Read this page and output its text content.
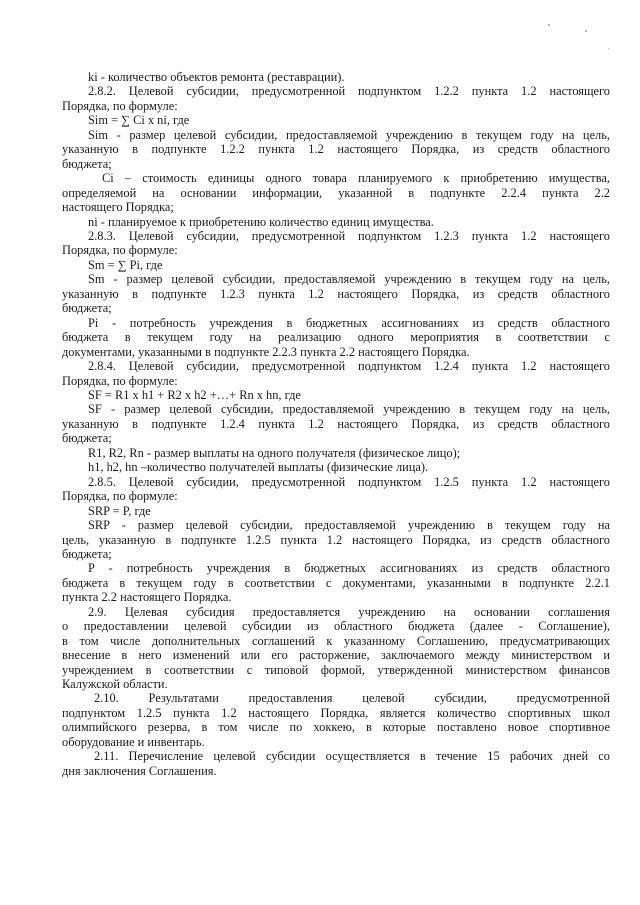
ki - количество объектов ремонта (реставрации).

2.8.2. Целевой субсидии, предусмотренной подпунктом 1.2.2 пункта 1.2 настоящего

Порядка, по формуле:

Sim = ∑ Ci x ni, где

Sim - размер целевой субсидии, предоставляемой учреждению в текущем году на цель,

указанную в подпункте 1.2.2 пункта 1.2 настоящего Порядка, из средств областного

бюджета;

Ci – стоимость единицы одного товара планируемого к приобретению имущества,

определяемой на основании информации, указанной в подпункте 2.2.4 пункта 2.2

настоящего Порядка;

ni - планируемое к приобретению количество единиц имущества.

2.8.3. Целевой субсидии, предусмотренной подпунктом 1.2.3 пункта 1.2 настоящего

Порядка, по формуле:

Sm = ∑ Pi, где

Sm - размер целевой субсидии, предоставляемой учреждению в текущем году на цель,

указанную в подпункте 1.2.3 пункта 1.2 настоящего Порядка, из средств областного

бюджета;

Pi - потребность учреждения в бюджетных ассигнованиях из средств областного

бюджета в текущем году на реализацию одного мероприятия в соответствии с

документами, указанными в подпункте 2.2.3 пункта 2.2 настоящего Порядка.

2.8.4. Целевой субсидии, предусмотренной подпунктом 1.2.4 пункта 1.2 настоящего

Порядка, по формуле:

SF = R1 x h1 + R2 x h2 +…+ Rn x hn, где

SF - размер целевой субсидии, предоставляемой учреждению в текущем году на цель,

указанную в подпункте 1.2.4 пункта 1.2 настоящего Порядка, из средств областного

бюджета;

R1, R2, Rn - размер выплаты на одного получателя (физическое лицо);

h1, h2, hn –количество получателей выплаты (физические лица).

2.8.5. Целевой субсидии, предусмотренной подпунктом 1.2.5 пункта 1.2 настоящего

Порядка, по формуле:

SRP = P, где

SRP - размер целевой субсидии, предоставляемой учреждению в текущем году на

цель, указанную в подпункте 1.2.5 пункта 1.2 настоящего Порядка, из средств областного

бюджета;

P - потребность учреждения в бюджетных ассигнованиях из средств областного

бюджета в текущем году в соответствии с документами, указанными в подпункте 2.2.1

пункта 2.2 настоящего Порядка.

2.9. Целевая субсидия предоставляется учреждению на основании соглашения

о предоставлении целевой субсидии из областного бюджета (далее - Соглашение),

в том числе дополнительных соглашений к указанному Соглашению, предусматривающих

внесение в него изменений или его расторжение, заключаемого между министерством и

учреждением в соответствии с типовой формой, утвержденной министерством финансов

Калужской области.

2.10. Результатами предоставления целевой субсидии, предусмотренной

подпунктом 1.2.5 пункта 1.2 настоящего Порядка, является количество спортивных школ

олимпийского резерва, в том числе по хоккею, в которые поставлено новое спортивное

оборудование и инвентарь.

2.11. Перечисление целевой субсидии осуществляется в течение 15 рабочих дней со

дня заключения Соглашения.
